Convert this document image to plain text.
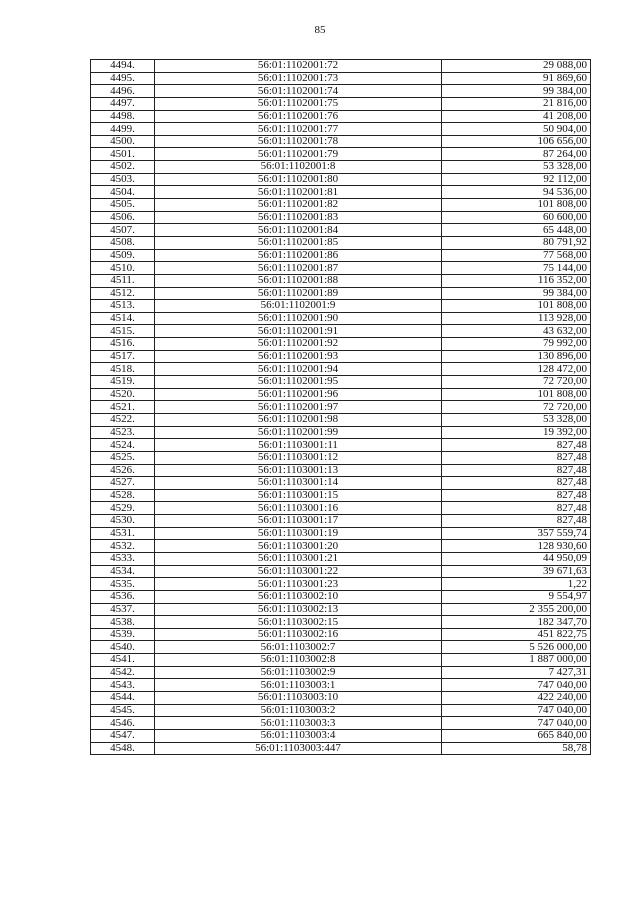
85
4494.	56:01:1102001:72	29 088,00
4495.	56:01:1102001:73	91 869,60
4496.	56:01:1102001:74	99 384,00
4497.	56:01:1102001:75	21 816,00
4498.	56:01:1102001:76	41 208,00
4499.	56:01:1102001:77	50 904,00
4500.	56:01:1102001:78	106 656,00
4501.	56:01:1102001:79	87 264,00
4502.	56:01:1102001:8	53 328,00
4503.	56:01:1102001:80	92 112,00
4504.	56:01:1102001:81	94 536,00
4505.	56:01:1102001:82	101 808,00
4506.	56:01:1102001:83	60 600,00
4507.	56:01:1102001:84	65 448,00
4508.	56:01:1102001:85	80 791,92
4509.	56:01:1102001:86	77 568,00
4510.	56:01:1102001:87	75 144,00
4511.	56:01:1102001:88	116 352,00
4512.	56:01:1102001:89	99 384,00
4513.	56:01:1102001:9	101 808,00
4514.	56:01:1102001:90	113 928,00
4515.	56:01:1102001:91	43 632,00
4516.	56:01:1102001:92	79 992,00
4517.	56:01:1102001:93	130 896,00
4518.	56:01:1102001:94	128 472,00
4519.	56:01:1102001:95	72 720,00
4520.	56:01:1102001:96	101 808,00
4521.	56:01:1102001:97	72 720,00
4522.	56:01:1102001:98	53 328,00
4523.	56:01:1102001:99	19 392,00
4524.	56:01:1103001:11	827,48
4525.	56:01:1103001:12	827,48
4526.	56:01:1103001:13	827,48
4527.	56:01:1103001:14	827,48
4528.	56:01:1103001:15	827,48
4529.	56:01:1103001:16	827,48
4530.	56:01:1103001:17	827,48
4531.	56:01:1103001:19	357 559,74
4532.	56:01:1103001:20	128 930,60
4533.	56:01:1103001:21	44 950,09
4534.	56:01:1103001:22	39 671,63
4535.	56:01:1103001:23	1,22
4536.	56:01:1103002:10	9 554,97
4537.	56:01:1103002:13	2 355 200,00
4538.	56:01:1103002:15	182 347,70
4539.	56:01:1103002:16	451 822,75
4540.	56:01:1103002:7	5 526 000,00
4541.	56:01:1103002:8	1 887 000,00
4542.	56:01:1103002:9	7 427,31
4543.	56:01:1103003:1	747 040,00
4544.	56:01:1103003:10	422 240,00
4545.	56:01:1103003:2	747 040,00
4546.	56:01:1103003:3	747 040,00
4547.	56:01:1103003:4	665 840,00
4548.	56:01:1103003:447	58,78
